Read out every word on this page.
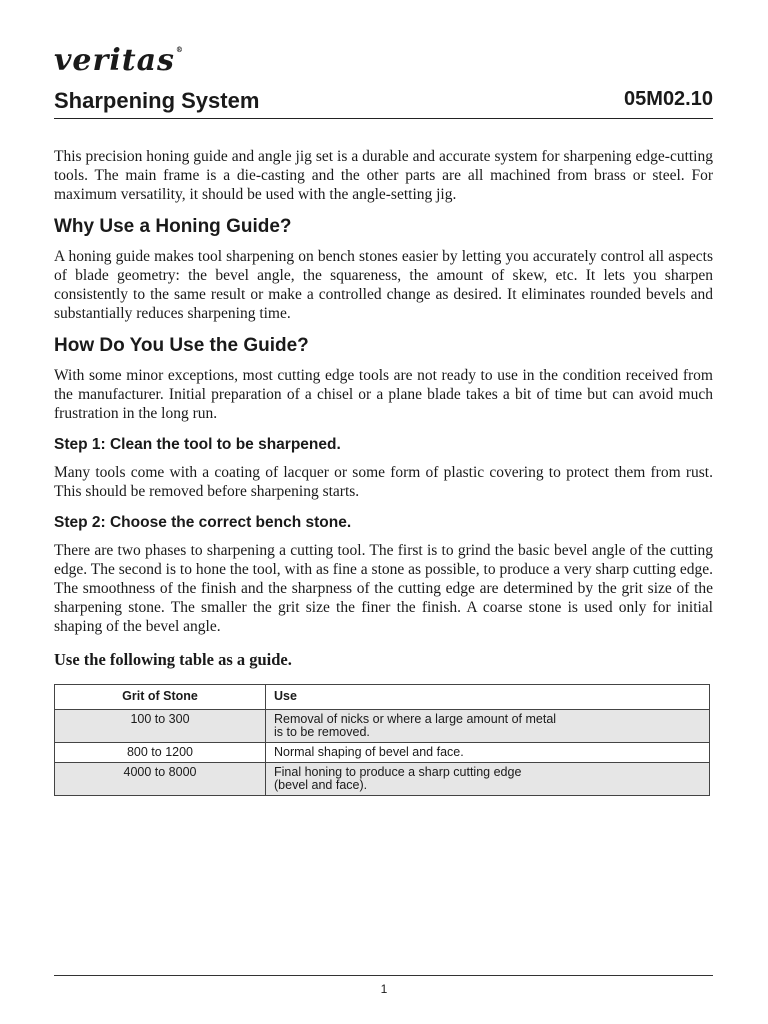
veritas®
Sharpening System	05M02.10

This precision honing guide and angle jig set is a durable and accurate system for sharpening edge-cutting tools. The main frame is a die-casting and the other parts are all machined from brass or steel. For maximum versatility, it should be used with the angle-setting jig.

Why Use a Honing Guide?

A honing guide makes tool sharpening on bench stones easier by letting you accurately control all aspects of blade geometry: the bevel angle, the squareness, the amount of skew, etc. It lets you sharpen consistently to the same result or make a controlled change as desired. It eliminates rounded bevels and substantially reduces sharpening time.

How Do You Use the Guide?

With some minor exceptions, most cutting edge tools are not ready to use in the condition received from the manufacturer. Initial preparation of a chisel or a plane blade takes a bit of time but can avoid much frustration in the long run.

Step 1: Clean the tool to be sharpened.

Many tools come with a coating of lacquer or some form of plastic covering to protect them from rust. This should be removed before sharpening starts.

Step 2: Choose the correct bench stone.

There are two phases to sharpening a cutting tool. The first is to grind the basic bevel angle of the cutting edge. The second is to hone the tool, with as fine a stone as possible, to produce a very sharp cutting edge. The smoothness of the finish and the sharpness of the cutting edge are determined by the grit size of the sharpening stone. The smaller the grit size the finer the finish. A coarse stone is used only for initial shaping of the bevel angle.

Use the following table as a guide.
Grit of Stone	Use
100 to 300	Removal of nicks or where a large amount of metal
is to be removed.
800 to 1200	Normal shaping of bevel and face.
4000 to 8000	Final honing to produce a sharp cutting edge
(bevel and face).
1
